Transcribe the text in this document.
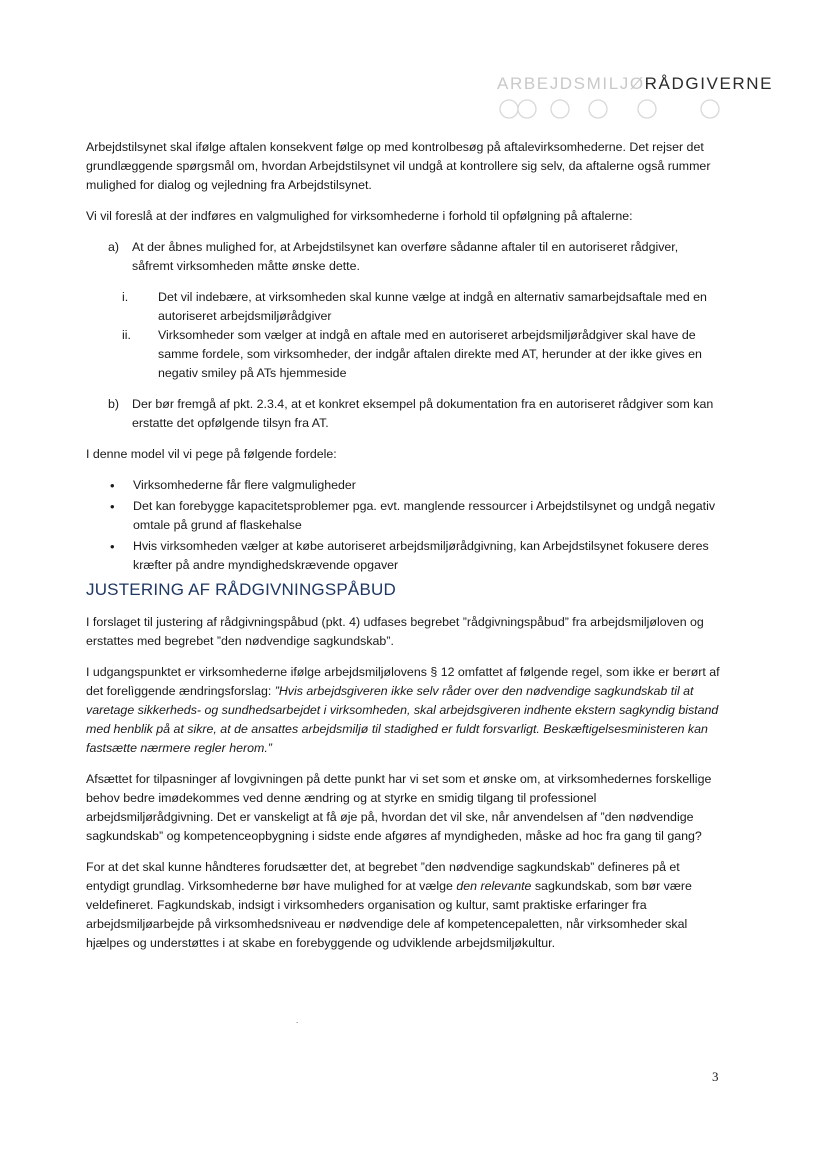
ARBEJDSMILJØRÅDGIVERNE

Arbejdstilsynet skal ifølge aftalen konsekvent følge op med kontrolbesøg på aftalevirksomhederne. Det rejser det grundlæggende spørgsmål om, hvordan Arbejdstilsynet vil undgå at kontrollere sig selv, da aftalerne også rummer mulighed for dialog og vejledning fra Arbejdstilsynet.

Vi vil foreslå at der indføres en valgmulighed for virksomhederne i forhold til opfølgning på aftalerne:

a) At der åbnes mulighed for, at Arbejdstilsynet kan overføre sådanne aftaler til en autoriseret rådgiver, såfremt virksomheden måtte ønske dette.
i. Det vil indebære, at virksomheden skal kunne vælge at indgå en alternativ samarbejdsaftale med en autoriseret arbejdsmiljørådgiver
ii. Virksomheder som vælger at indgå en aftale med en autoriseret arbejdsmiljørådgiver skal have de samme fordele, som virksomheder, der indgår aftalen direkte med AT, herunder at der ikke gives en negativ smiley på ATs hjemmeside
b) Der bør fremgå af pkt. 2.3.4, at et konkret eksempel på dokumentation fra en autoriseret rådgiver som kan erstatte det opfølgende tilsyn fra AT.

I denne model vil vi pege på følgende fordele:

• Virksomhederne får flere valgmuligheder
• Det kan forebygge kapacitetsproblemer pga. evt. manglende ressourcer i Arbejdstilsynet og undgå negativ omtale på grund af flaskehalse
• Hvis virksomheden vælger at købe autoriseret arbejdsmiljørådgivning, kan Arbejdstilsynet fokusere deres kræfter på andre myndighedskrævende opgaver
JUSTERING AF RÅDGIVNINGSPÅBUD

I forslaget til justering af rådgivningspåbud (pkt. 4) udfases begrebet ”rådgivningspåbud” fra arbejdsmiljøloven og erstattes med begrebet ”den nødvendige sagkundskab”.

I udgangspunktet er virksomhederne ifølge arbejdsmiljølovens § 12 omfattet af følgende regel, som ikke er berørt af det forelìggende ændringsforslag: ”Hvis arbejdsgiveren ikke selv råder over den nødvendige sagkundskab til at varetage sikkerheds- og sundhedsarbejdet i virksomheden, skal arbejdsgiveren indhente ekstern sagkyndig bistand med henblik på at sikre, at de ansattes arbejdsmiljø til stadighed er fuldt forsvarligt. Beskæftigelsesministeren kan fastsætte nærmere regler herom.”

Afsættet for tilpasninger af lovgivningen på dette punkt har vi set som et ønske om, at virksomhedernes forskellige behov bedre imødekommes ved denne ændring og at styrke en smidig tilgang til professionel arbejdsmiljørådgivning. Det er vanskeligt at få øje på, hvordan det vil ske, når anvendelsen af ”den nødvendige sagkundskab” og kompetenceopbygning i sidste ende afgøres af myndigheden, måske ad hoc fra gang til gang?

For at det skal kunne håndteres forudsætter det, at begrebet ”den nødvendige sagkundskab” defineres på et entydigt grundlag. Virksomhederne bør have mulighed for at vælge den relevante sagkundskab, som bør være veldefineret. Fagkundskab, indsigt i virksomheders organisation og kultur, samt praktiske erfaringer fra arbejdsmiljøarbejde på virksomhedsniveau er nødvendige dele af kompetencepaletten, når virksomheder skal hjælpes og understøttes i at skabe en forebyggende og udviklende arbejdsmiljøkultur.

.
3
